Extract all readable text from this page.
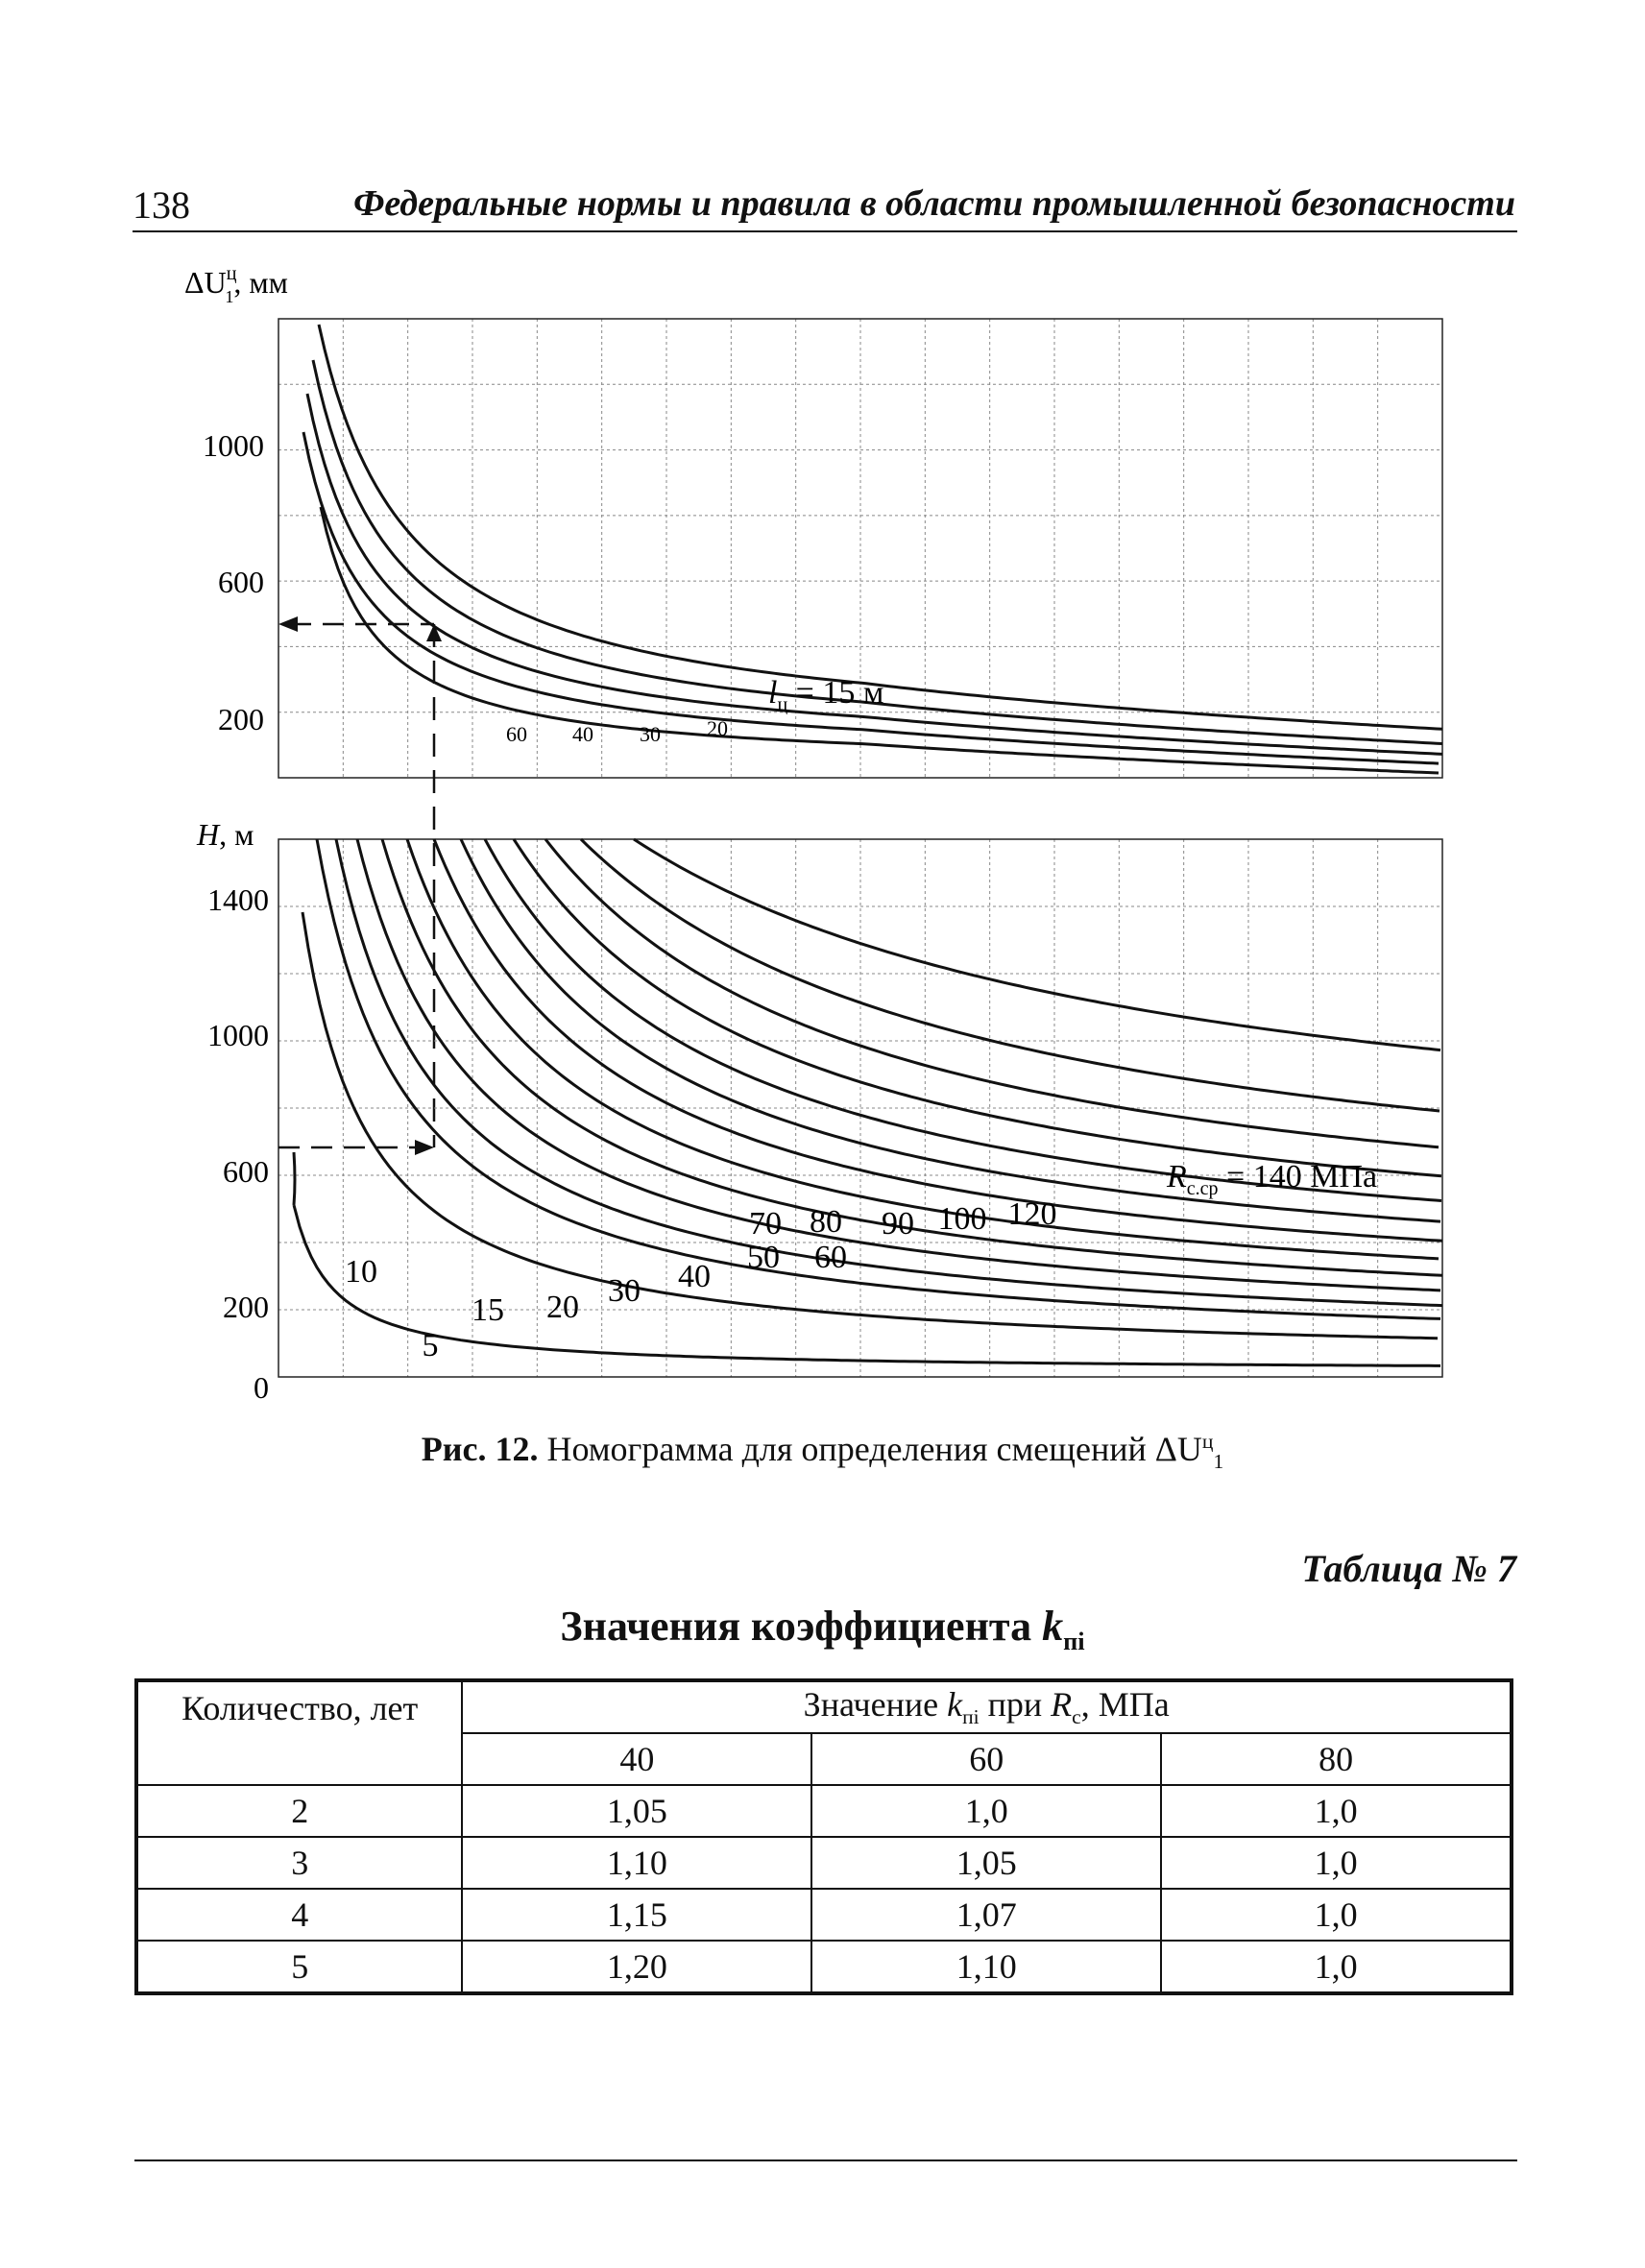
138	Федеральные нормы и правила в области промышленной безопасности
$\Delta U^ц$ 1, мм
1000
600
200
$l_ц = 15$ м
60 40 30 20
H, м
1400
1000
600
200
0
$R_{с.ср} = 140$ МПа
5
10
15 20 30 40
50 60
70 80 90 100 120
Рис. 12. Номограмма для определения смещений $\Delta U^ц_1$
Таблица № 7
Значения коэффициента $k_{пі}$
Количество, лет	Значение $k_{пі}$ при $R_с$, МПа		
	40	60	80
2	1,05	1,0	1,0
3	1,10	1,05	1,0
4	1,15	1,07	1,0
5	1,20	1,10	1,0
